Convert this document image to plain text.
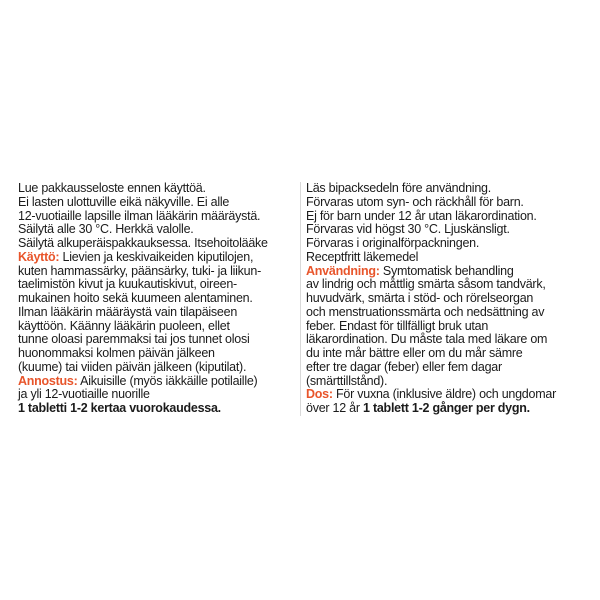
Lue pakkausseloste ennen käyttöä.
Ei lasten ulottuville eikä näkyville. Ei alle
12-vuotiaille lapsille ilman lääkärin määräystä.
Säilytä alle 30 °C. Herkkä valolle.
Säilytä alkuperäispakkauksessa. Itsehoitolääke
Käyttö: Lievien ja keskivaikeiden kiputilojen,
kuten hammassärky, päänsärky, tuki- ja liikun-
taelimistön kivut ja kuukautiskivut, oireen-
mukainen hoito sekä kuumeen alentaminen.
Ilman lääkärin määräystä vain tilapäiseen
käyttöön. Käänny lääkärin puoleen, ellet
tunne oloasi paremmaksi tai jos tunnet olosi
huonommaksi kolmen päivän jälkeen
(kuume) tai viiden päivän jälkeen (kiputilat).
Annostus: Aikuisille (myös iäkkäille potilaille)
ja yli 12-vuotiaille nuorille
1 tabletti 1-2 kertaa vuorokaudessa.
Läs bipacksedeln före användning.
Förvaras utom syn- och räckhåll för barn.
Ej för barn under 12 år utan läkarordination.
Förvaras vid högst 30 °C. Ljuskänsligt.
Förvaras i originalförpackningen.
Receptfritt läkemedel
Användning: Symtomatisk behandling
av lindrig och måttlig smärta såsom tandvärk,
huvudvärk, smärta i stöd- och rörelseorgan
och menstruationssmärta och nedsättning av
feber. Endast för tillfälligt bruk utan
läkarordination. Du måste tala med läkare om
du inte mår bättre eller om du mår sämre
efter tre dagar (feber) eller fem dagar
(smärttillstånd).
Dos: För vuxna (inklusive äldre) och ungdomar
över 12 år 1 tablett 1-2 gånger per dygn.
